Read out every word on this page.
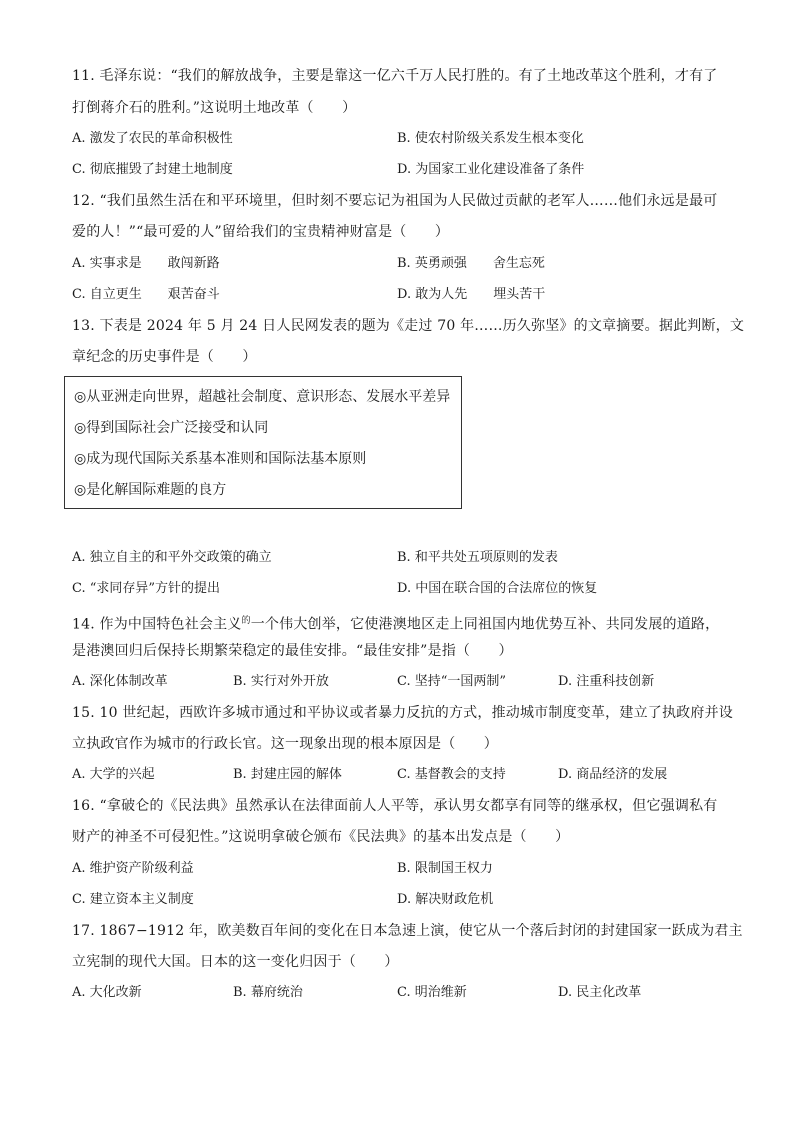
11. 毛泽东说：“我们的解放战争，主要是靠这一亿六千万人民打胜的。有了土地改革这个胜利，才有了
打倒蒋介石的胜利。”这说明土地改革（　　）
A. 激发了农民的革命积极性	B. 使农村阶级关系发生根本变化
C. 彻底摧毁了封建土地制度	D. 为国家工业化建设准备了条件
12. “我们虽然生活在和平环境里，但时刻不要忘记为祖国为人民做过贡献的老军人……他们永远是最可
爱的人！”“最可爱的人”留给我们的宝贵精神财富是（　　）
A. 实事求是　　敢闯新路	B. 英勇顽强　　舍生忘死
C. 自立更生　　艰苦奋斗	D. 敢为人先　　埋头苦干
13. 下表是 2024 年 5 月 24 日人民网发表的题为《走过 70 年……历久弥坚》的文章摘要。据此判断，文
章纪念的历史事件是（　　）
◎从亚洲走向世界，超越社会制度、意识形态、发展水平差异
◎得到国际社会广泛接受和认同
◎成为现代国际关系基本准则和国际法基本原则
◎是化解国际难题的良方
A. 独立自主的和平外交政策的确立	B. 和平共处五项原则的发表
C. “求同存异”方针的提出	D. 中国在联合国的合法席位的恢复
14. 作为中国特色社会主义$^的$一个伟大创举，它使港澳地区走上同祖国内地优势互补、共同发展的道路，
是港澳回归后保持长期繁荣稳定的最佳安排。“最佳安排”是指（　　）
A. 深化体制改革	B. 实行对外开放	C. 坚持“一国两制”	D. 注重科技创新
15. 10 世纪起，西欧许多城市通过和平协议或者暴力反抗的方式，推动城市制度变革，建立了执政府并设
立执政官作为城市的行政长官。这一现象出现的根本原因是（　　）
A. 大学的兴起	B. 封建庄园的解体	C. 基督教会的支持	D. 商品经济的发展
16. “拿破仑的《民法典》虽然承认在法律面前人人平等，承认男女都享有同等的继承权，但它强调私有
财产的神圣不可侵犯性。”这说明拿破仑颁布《民法典》的基本出发点是（　　）
A. 维护资产阶级利益	B. 限制国王权力
C. 建立资本主义制度	D. 解决财政危机
17. 1867−1912 年，欧美数百年间的变化在日本急速上演，使它从一个落后封闭的封建国家一跃成为君主
立宪制的现代大国。日本的这一变化归因于（　　）
A. 大化改新	B. 幕府统治	C. 明治维新	D. 民主化改革
